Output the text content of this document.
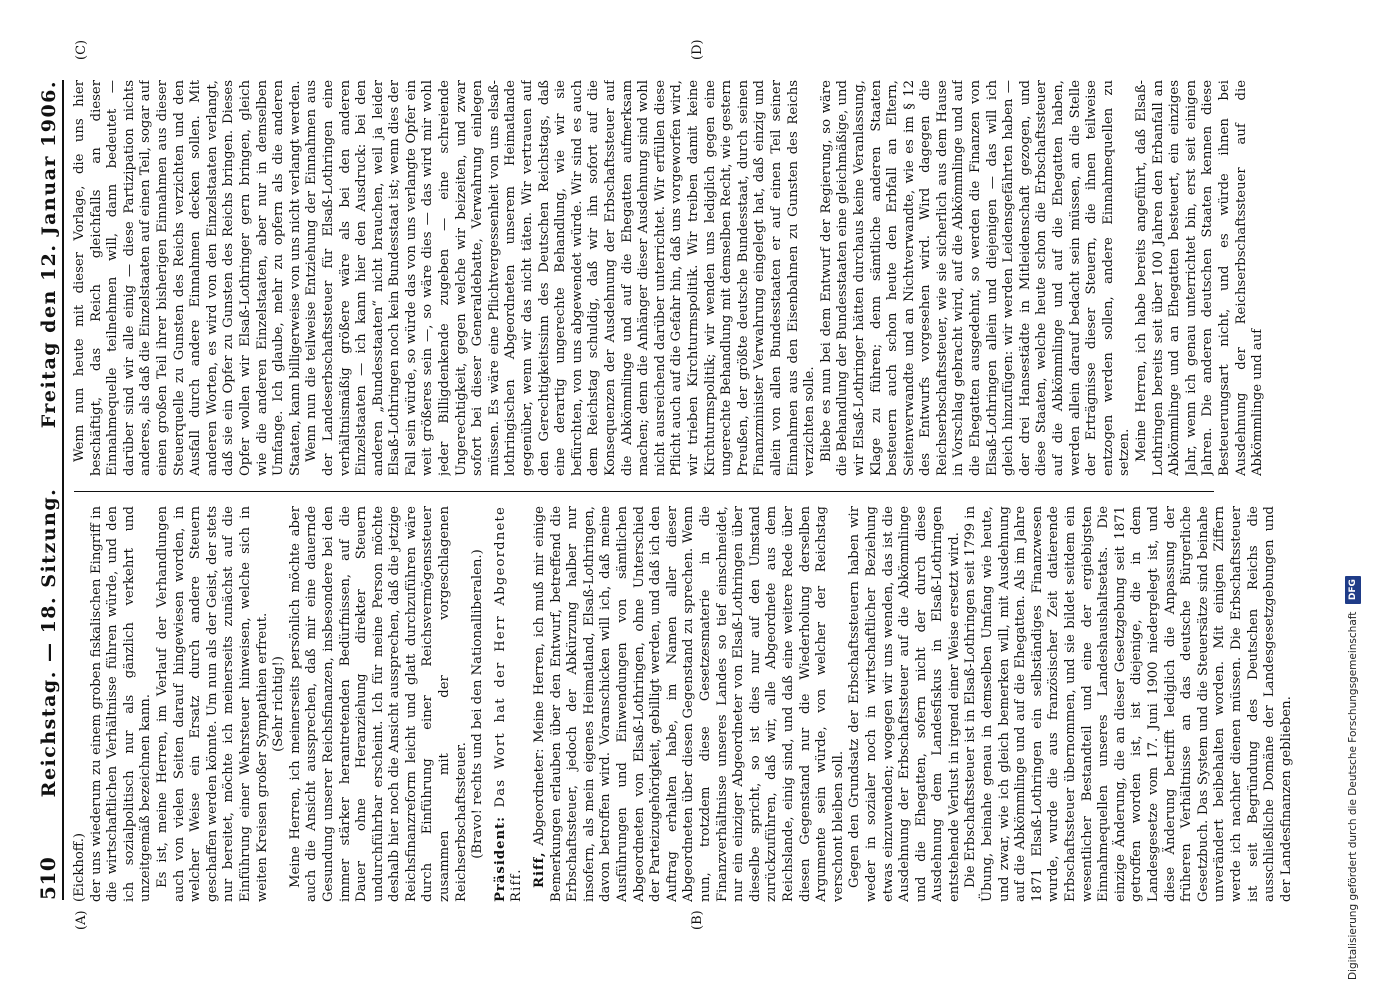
510
Reichstag. — 18. Sitzung.
Freitag den 12. Januar 1906.
(A)	(B)
(C)	(D)

(Eickhoff.) der uns wiederum zu einem groben fiskalischen Eingriff in die wirtschaftlichen Verhältnisse führen würde, und den ich sozialpolitisch nur als gänzlich verkehrt und unzeitgemäß bezeichnen kann. Es ist, meine Herren, im Verlauf der Verhandlungen auch von vielen Seiten darauf hingewiesen worden, in welcher Weise ein Ersatz durch andere Steuern geschaffen werden könnte. Um nun als der Geist, der stets nur bereitet, möchte ich meinerseits zunächst auf die Einführung einer Wehrsteuer hinweisen, welche sich in weiten Kreisen großer Sympathien erfreut. (Sehr richtig!) Meine Herren, ich meinerseits persönlich möchte aber auch die Ansicht aussprechen, daß mir eine dauernde Gesundung unserer Reichsfinanzen, insbesondere bei den immer stärker herantretenden Bedürfnissen, auf die Dauer ohne Heranziehung direkter Steuern undurchführbar erscheint. Ich für meine Person möchte deshalb hier noch die Ansicht aussprechen, daß die jetzige Reichsfinanzreform leicht und glatt durchzuführen wäre durch Einführung einer Reichsvermögenssteuer zusammen mit der vorgeschlagenen Reichserbschaftssteuer. (Bravo! rechts und bei den Nationalliberalen.)

Präsident: Das Wort hat der Herr Abgeordnete Riff. Riff, Abgeordneter: Meine Herren, ich muß mir einige Bemerkungen erlauben über den Entwurf, betreffend die Erbschaftssteuer, jedoch der Abkürzung halber nur insofern, als mein eigenes Heimatland, Elsaß-Lothringen, davon betroffen wird. Voranschicken will ich, daß meine Ausführungen und Einwendungen von sämtlichen Abgeordneten von Elsaß-Lothringen, ohne Unterschied der Parteizugehörigkeit, gebilligt werden, und daß ich den Auftrag erhalten habe, im Namen aller dieser Abgeordneten über diesen Gegenstand zu sprechen. Wenn nun, trotzdem diese Gesetzesmaterie in die Finanzverhältnisse unseres Landes so tief einschneidet, nur ein einziger Abgeordneter von Elsaß-Lothringen über dieselbe spricht, so ist dies nur auf den Umstand zurückzuführen, daß wir, alle Abgeordnete aus dem Reichslande, einig sind, und daß eine weitere Rede über diesen Gegenstand nur die Wiederholung derselben Argumente sein würde, von welcher der Reichstag verschont bleiben soll. Gegen den Grundsatz der Erbschaftssteuern haben wir weder in sozialer noch in wirtschaftlicher Beziehung etwas einzuwenden; wogegen wir uns wenden, das ist die Ausdehnung der Erbschaftssteuer auf die Abkömmlinge und die Ehegatten, sofern nicht der durch diese Ausdehnung dem Landesfiskus in Elsaß-Lothringen entstehende Verlust in irgend einer Weise ersetzt wird. Die Erbschaftssteuer ist in Elsaß-Lothringen seit 1799 in Übung, beinahe genau in demselben Umfang wie heute, und zwar, wie ich gleich bemerken will, mit Ausdehnung auf die Abkömmlinge und auf die Ehegatten. Als im Jahre 1871 Elsaß-Lothringen ein selbständiges Finanzwesen wurde, wurde die aus französischer Zeit datierende Erbschaftssteuer übernommen, und sie bildet seitdem ein wesentlicher Bestandteil und eine der ergiebigsten Einnahmequellen unseres Landeshaushaltsetats. Die einzige Änderung, die an dieser Gesetzgebung seit 1871 getroffen worden ist, ist diejenige, die in dem Landesgesetze vom 17. Juni 1900 niedergelegt ist, und diese Änderung betrifft lediglich die Anpassung der früheren Verhältnisse an das deutsche Bürgerliche Gesetzbuch. Das System und die Steuersätze sind beinahe unverändert beibehalten worden. Mit einigen Ziffern werde ich nachher dienen müssen. Die Erbschaftssteuer ist seit Begründung des Deutschen Reichs die ausschließliche Domäne der Landesgesetzgebungen und der Landesfinanzen geblieben.

Wenn nun heute mit dieser Vorlage, die uns hier beschäftigt, das Reich gleichfalls an dieser Einnahmequelle teilnehmen will, dann bedeutet — darüber sind wir alle einig — diese Partizipation nichts anderes, als daß die Einzelstaaten auf einen Teil, sogar auf einen großen Teil ihrer bisherigen Einnahmen aus dieser Steuerquelle zu Gunsten des Reichs verzichten und den Ausfall durch andere Einnahmen decken sollen. Mit anderen Worten, es wird von den Einzelstaaten verlangt, daß sie ein Opfer zu Gunsten des Reichs bringen. Dieses Opfer wollen wir Elsaß-Lothringer gern bringen, gleich wie die anderen Einzelstaaten, aber nur in demselben Umfange. Ich glaube, mehr zu opfern als die anderen Staaten, kann billigerweise von uns nicht verlangt werden. Wenn nun die teilweise Entziehung der Einnahmen aus der Landeserbschaftssteuer für Elsaß-Lothringen eine verhältnismäßig größere wäre als bei den anderen Einzelstaaten — ich kann hier den Ausdruck: bei den anderen „Bundesstaaten“ nicht brauchen, weil ja leider Elsaß-Lothringen noch kein Bundesstaat ist; wenn dies der Fall sein würde, so würde das von uns verlangte Opfer ein weit größeres sein —, so wäre dies — das wird mir wohl jeder Billigdenkende zugeben — eine schreiende Ungerechtigkeit, gegen welche wir beizeiten, und zwar sofort bei dieser Generaldebatte, Verwahrung einlegen müssen. Es wäre eine Pflichtvergessenheit von uns elsaß-lothringischen Abgeordneten unserem Heimatlande gegenüber, wenn wir das nicht täten. Wir vertrauen auf den Gerechtigkeitssinn des Deutschen Reichstags, daß eine derartig ungerechte Behandlung, wie wir sie befürchten, von uns abgewendet würde. Wir sind es auch dem Reichstag schuldig, daß wir ihn sofort auf die Konsequenzen der Ausdehnung der Erbschaftssteuer auf die Abkömmlinge und auf die Ehegatten aufmerksam machen; denn die Anhänger dieser Ausdehnung sind wohl nicht ausreichend darüber unterrichtet. Wir erfüllen diese Pflicht auch auf die Gefahr hin, daß uns vorgeworfen wird, wir trieben Kirchturmspolitik. Wir treiben damit keine Kirchturmspolitik; wir wenden uns lediglich gegen eine ungerechte Behandlung mit demselben Recht, wie gestern Preußen, der größte deutsche Bundesstaat, durch seinen Finanzminister Verwahrung eingelegt hat, daß einzig und allein von allen Bundesstaaten er auf einen Teil seiner Einnahmen aus den Eisenbahnen zu Gunsten des Reichs verzichten solle. Bliebe es nun bei dem Entwurf der Regierung, so wäre die Behandlung der Bundesstaaten eine gleichmäßige, und wir Elsaß-Lothringer hätten durchaus keine Veranlassung, Klage zu führen; denn sämtliche anderen Staaten besteuern auch schon heute den Erbfall an Eltern, Seitenverwandte und an Nichtverwandte, wie es im § 12 des Entwurfs vorgesehen wird. Wird dagegen die Reichserbschaftssteuer, wie sie sicherlich aus dem Hause in Vorschlag gebracht wird, auf die Abkömmlinge und auf die Ehegatten ausgedehnt, so werden die Finanzen von Elsaß-Lothringen allein und diejenigen — das will ich gleich hinzufügen: wir werden Leidensgefährten haben — der drei Hansestädte in Mitleidenschaft gezogen, und diese Staaten, welche heute schon die Erbschaftssteuer auf die Abkömmlinge und auf die Ehegatten haben, werden allein darauf bedacht sein müssen, an die Stelle der Erträgnisse dieser Steuern, die ihnen teilweise entzogen werden sollen, andere Einnahmequellen zu setzen. Meine Herren, ich habe bereits angeführt, daß Elsaß-Lothringen bereits seit über 100 Jahren den Erbanfall an Abkömmlinge und an Ehegatten besteuert, ein einziges Jahr, wenn ich genau unterrichtet bin, erst seit einigen Jahren. Die anderen deutschen Staaten kennen diese Besteuerungsart nicht, und es würde ihnen bei Ausdehnung der Reichserbschaftssteuer auf die Abkömmlinge und auf

Digitalisierung gefördert durch die Deutsche Forschungsgemeinschaft
DFG
